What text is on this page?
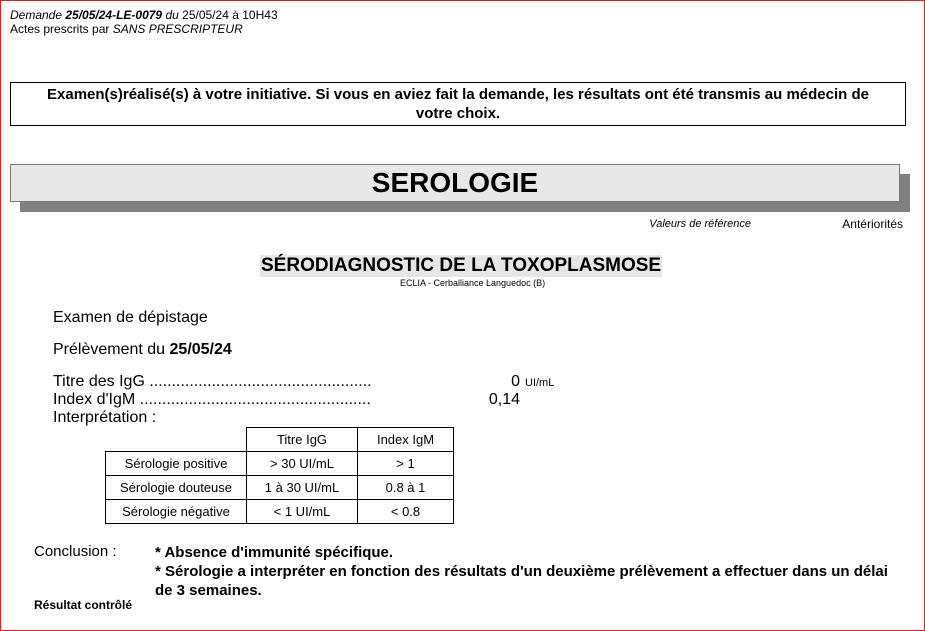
Demande 25/05/24-LE-0079 du 25/05/24 à 10H43
Actes prescrits par SANS PRESCRIPTEUR
Examen(s)réalisé(s) à votre initiative. Si vous en aviez fait la demande, les résultats ont été transmis au médecin de votre choix.
SEROLOGIE
Valeurs de référence	Antériorités
SÉRODIAGNOSTIC DE LA TOXOPLASMOSE
ECLIA - Cerballiance Languedoc (B)
Examen de dépistage
Prélèvement du 25/05/24
Titre des IgG ..................................................	0 UI/mL
Index d'IgM ....................................................	0,14
Interprétation :
	Titre IgG	Index IgM
Sérologie positive	> 30 UI/mL	> 1
Sérologie douteuse	1 à 30 UI/mL	0.8 à 1
Sérologie négative	< 1 UI/mL	< 0.8
Conclusion :	* Absence d'immunité spécifique.
* Sérologie a interpréter en fonction des résultats d'un deuxième prélèvement a effectuer dans un délai de 3 semaines.
Résultat contrôlé
